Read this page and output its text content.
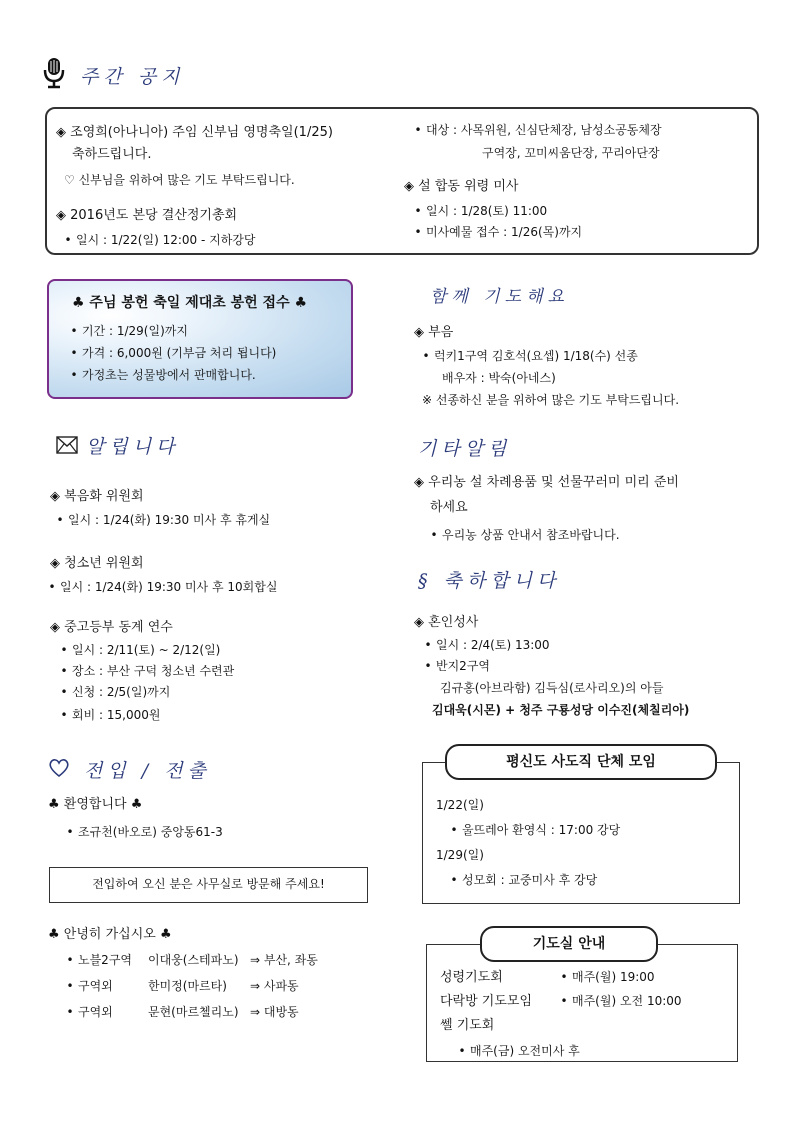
주간 공지
◈ 조영희(아나니아) 주임 신부님 영명축일(1/25)
축하드립니다.
♡ 신부님을 위하여 많은 기도 부탁드립니다.
◈ 2016년도 본당 결산정기총회
• 일시 : 1/22(일) 12:00 - 지하강당
• 대상 : 사목위원, 신심단체장, 남성소공동체장
구역장, 꼬미씨움단장, 꾸리아단장
◈ 설 합동 위령 미사
• 일시 : 1/28(토) 11:00
• 미사예물 접수 : 1/26(목)까지
♣ 주님 봉헌 축일 제대초 봉헌 접수 ♣
• 기간 : 1/29(일)까지
• 가격 : 6,000원 (기부금 처리 됩니다)
• 가정초는 성물방에서 판매합니다.
알립니다
◈ 복음화 위원회
• 일시 : 1/24(화) 19:30 미사 후 휴게실
◈ 청소년 위원회
• 일시 : 1/24(화) 19:30 미사 후 10회합실
◈ 중고등부 동계 연수
• 일시 : 2/11(토) ~ 2/12(일)
• 장소 : 부산 구덕 청소년 수련관
• 신청 : 2/5(일)까지
• 회비 : 15,000원
전입 / 전출
♣ 환영합니다 ♣
• 조규천(바오로) 중앙동61-3
전입하여 오신 분은 사무실로 방문해 주세요!
♣ 안녕히 가십시오 ♣
• 노블2구역 이대웅(스테파노) ⇒ 부산, 좌동
• 구역외	한미정(마르타) ⇒ 사파동
• 구역외	문현(마르첼리노) ⇒ 대방동
함께 기도해요
◈ 부음
• 럭키1구역 김호석(요셉) 1/18(수) 선종
배우자 : 박숙(아네스)
※ 선종하신 분을 위하여 많은 기도 부탁드립니다.
기타알림
◈ 우리농 설 차례용품 및 선물꾸러미 미리 준비
하세요
• 우리농 상품 안내서 참조바랍니다.
§ 축하합니다
◈ 혼인성사
• 일시 : 2/4(토) 13:00
• 반지2구역
김규홍(아브라함) 김득심(로사리오)의 아들
김대욱(시몬) + 청주 구룡성당 이수진(체칠리아)
평신도 사도직 단체 모임
1/22(일)
• 울뜨레아 환영식 : 17:00 강당
1/29(일)
• 성모회 : 교중미사 후 강당
기도실 안내
성령기도회	• 매주(월) 19:00
다락방 기도모임 • 매주(월) 오전 10:00
쎌 기도회
• 매주(금) 오전미사 후
